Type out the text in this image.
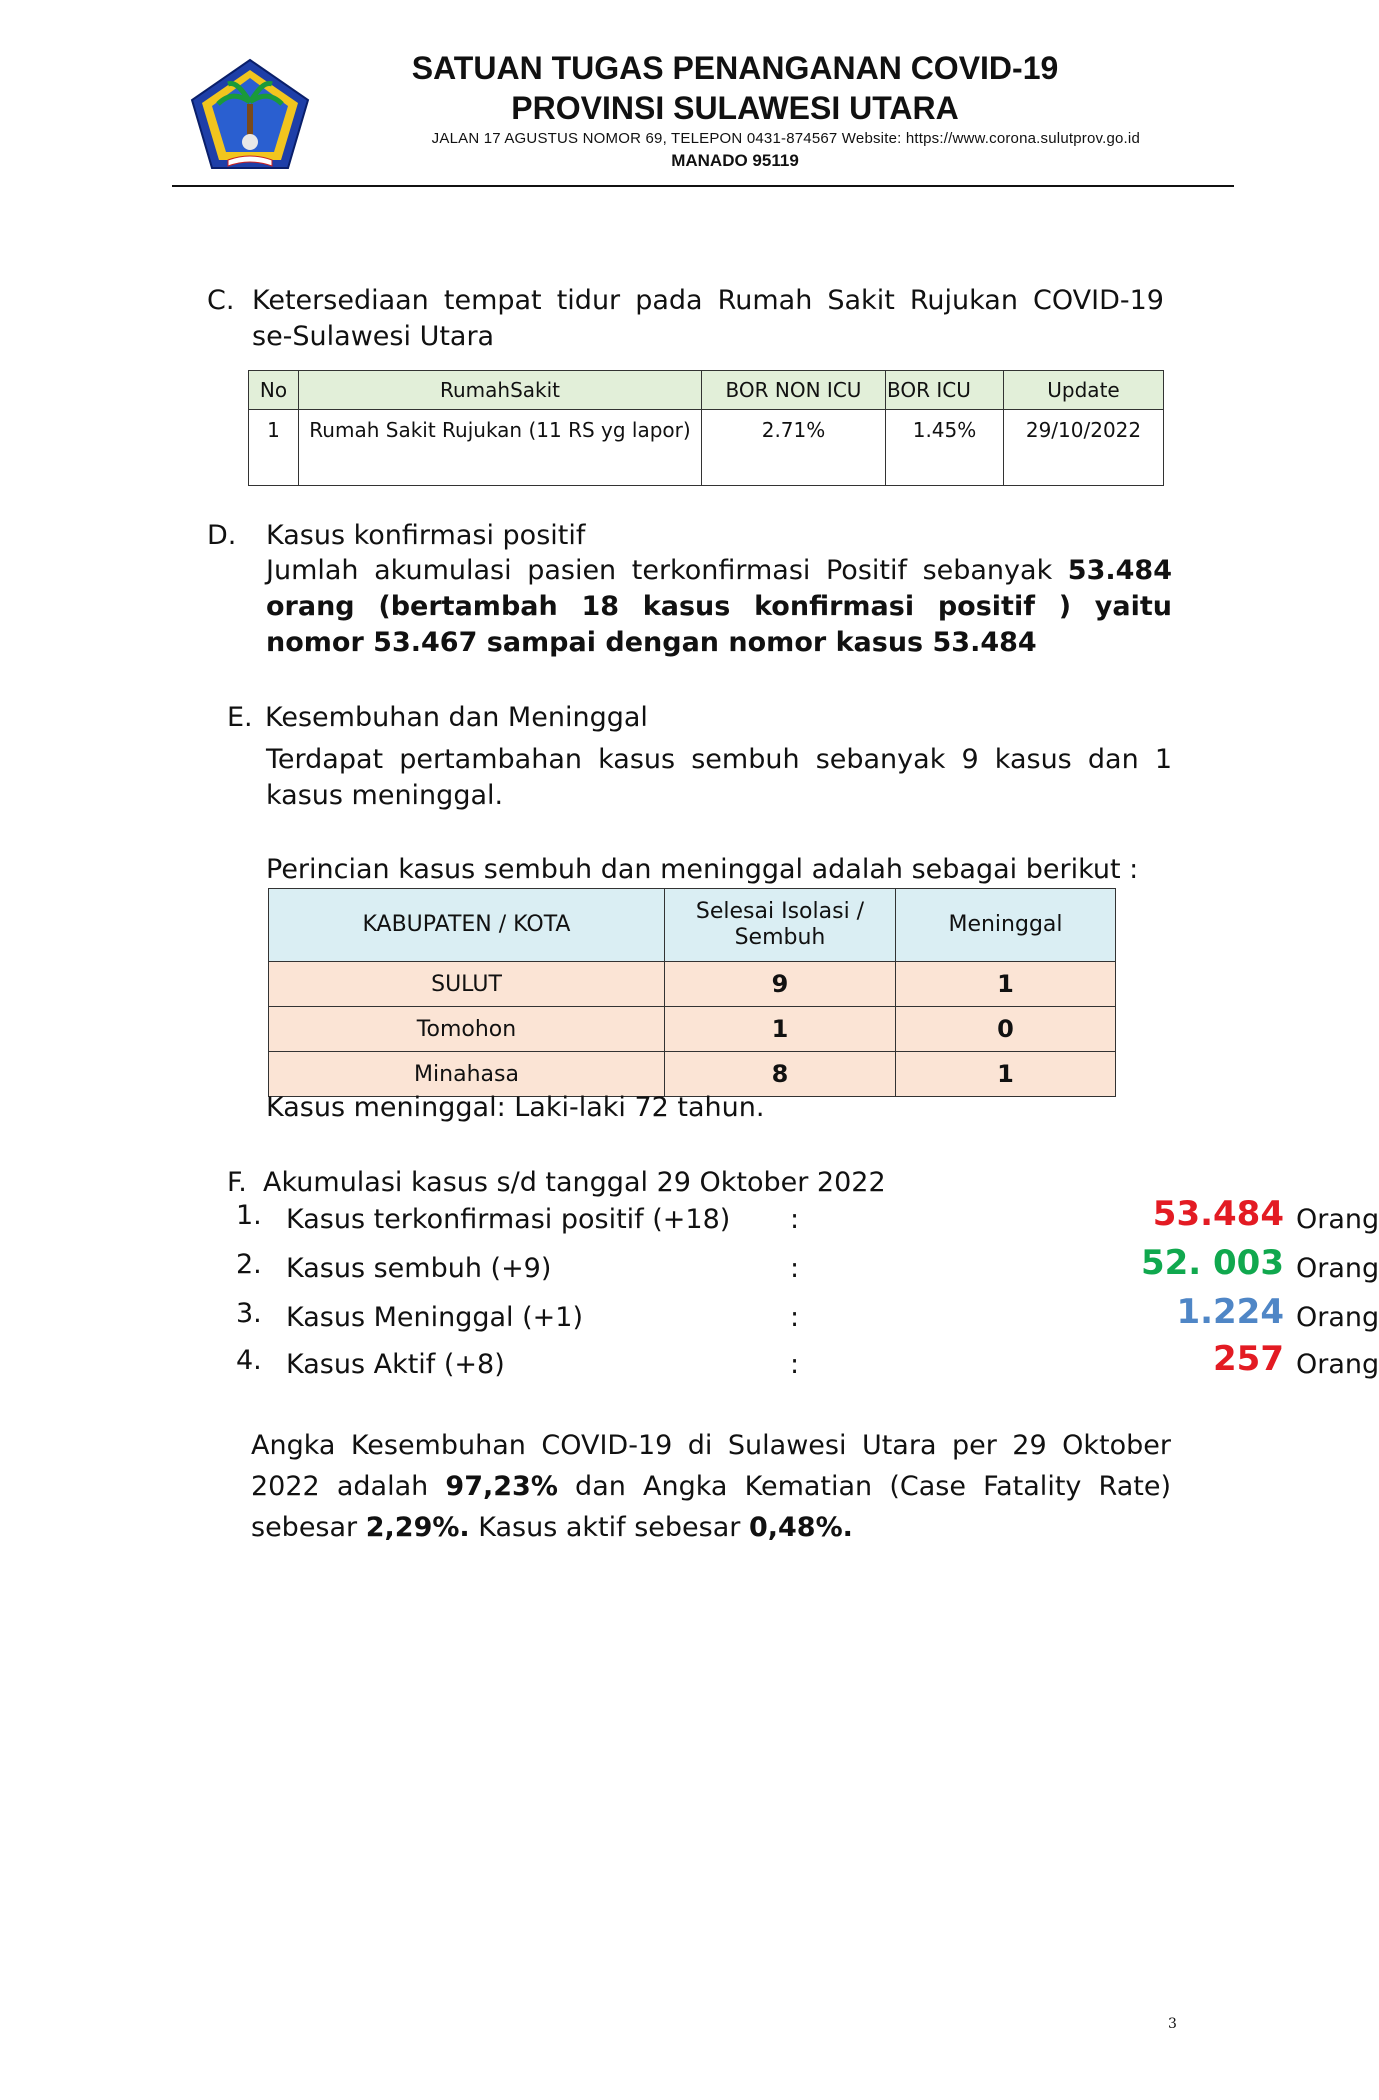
SATUAN TUGAS PENANGANAN COVID-19
PROVINSI SULAWESI UTARA
JALAN 17 AGUSTUS NOMOR 69, TELEPON 0431-874567 Website: https://www.corona.sulutprov.go.id
MANADO 95119
C. Ketersediaan tempat tidur pada Rumah Sakit Rujukan COVID-19 se-Sulawesi Utara
No	RumahSakit	BOR NON ICU	BOR ICU	Update
1	Rumah Sakit Rujukan (11 RS yg lapor)	2.71%	1.45%	29/10/2022
D. Kasus konfirmasi positif
Jumlah akumulasi pasien terkonfirmasi Positif sebanyak 53.484 orang (bertambah 18 kasus konfirmasi positif ) yaitu nomor 53.467 sampai dengan nomor kasus 53.484
E. Kesembuhan dan Meninggal
Terdapat pertambahan kasus sembuh sebanyak 9 kasus dan 1 kasus meninggal.
Perincian kasus sembuh dan meninggal adalah sebagai berikut :
KABUPATEN / KOTA	Selesai Isolasi / Sembuh	Meninggal
SULUT	9	1
Tomohon	1	0
Minahasa	8	1
Kasus meninggal: Laki-laki 72 tahun.
F. Akumulasi kasus s/d tanggal 29 Oktober 2022
1. Kasus terkonfirmasi positif (+18) :	53.484 Orang
2. Kasus sembuh (+9)	:	52. 003 Orang
3. Kasus Meninggal (+1)	:	1.224 Orang
4. Kasus Aktif (+8)	:	257 Orang
Angka Kesembuhan COVID-19 di Sulawesi Utara per 29 Oktober 2022 adalah 97,23% dan Angka Kematian (Case Fatality Rate) sebesar 2,29%. Kasus aktif sebesar 0,48%.
3
